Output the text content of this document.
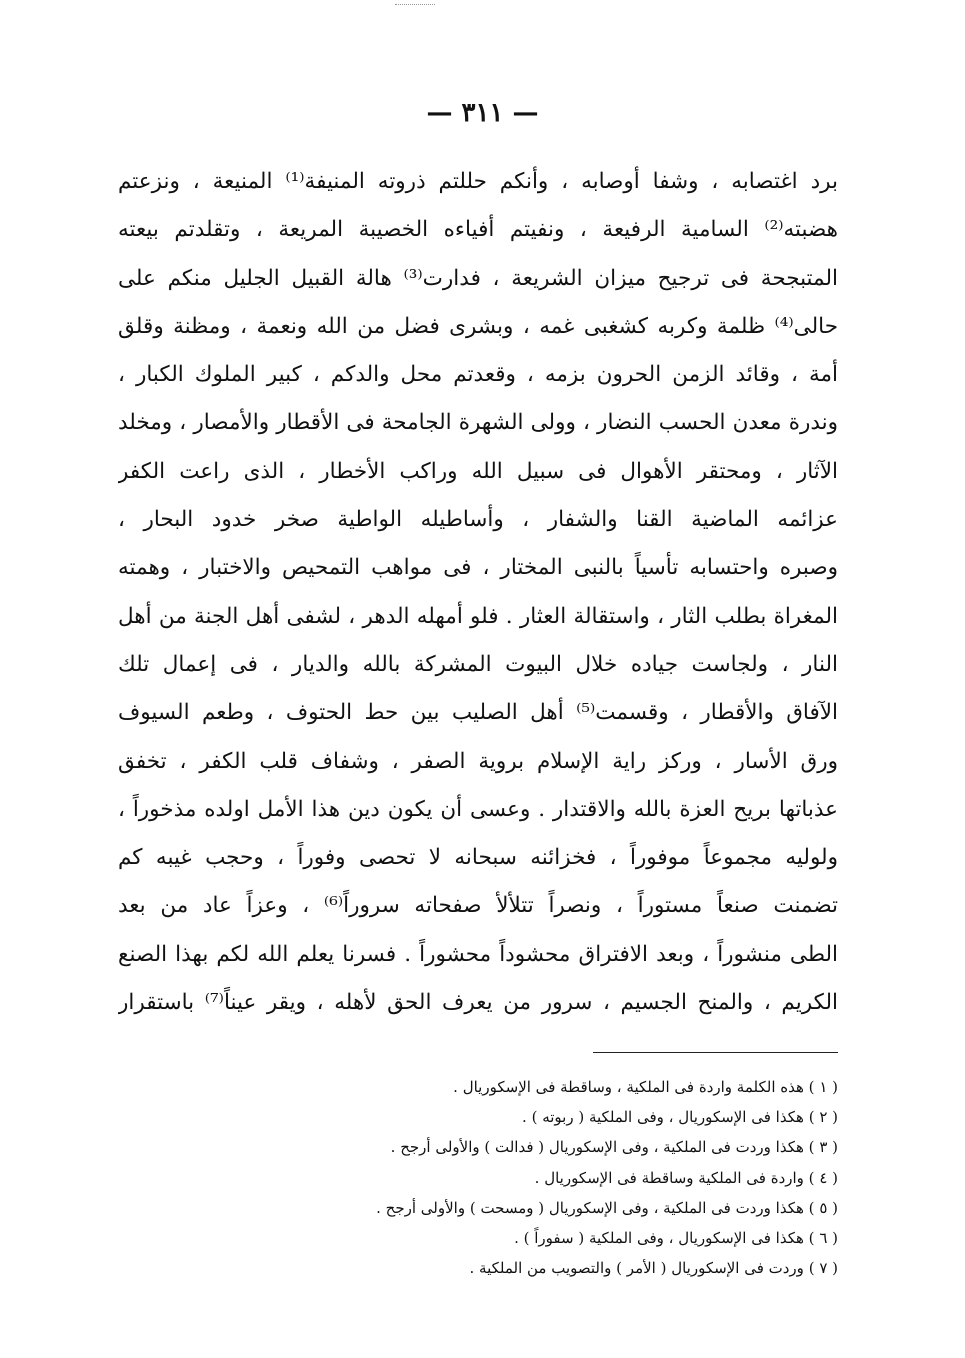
— ٣١١ —
برد اغتصابه ، وشفا أوصابه ، وأنكم حللتم ذروته المنيفة⁽¹⁾ المنيعة ، ونزعتم
هضبته⁽²⁾ السامية الرفيعة ، ونفيتم أفياءه الخصيبة المريعة ، وتقلدتم بيعته
المتبجحة فى ترجيح ميزان الشريعة ، فدارت⁽³⁾ هالة القبيل الجليل منكم على
حالى⁽⁴⁾ ظلمة وكربه كشغبى غمه ، وبشرى فضل من الله ونعمة ، ومظنة وقلق
أمة ، وقائد الزمن الحرون بزمه ، وقعدتم محل والدكم ، كبير الملوك الكبار ،
وندرة معدن الحسب النضار ، وولى الشهرة الجامحة فى الأقطار والأمصار ، ومخلد
الآثار ، ومحتقر الأهوال فى سبيل الله وراكب الأخطار ، الذى راعت الكفر
عزائمه الماضية القنا والشفار ، وأساطيله الواطية صخر خدود البحار ،
وصبره واحتسابه تأسياً بالنبى المختار ، فى مواهب التمحيص والاختبار ، وهمته
المغراة بطلب الثار ، واستقالة العثار . فلو أمهله الدهر ، لشفى أهل الجنة من أهل
النار ، ولجاست جياده خلال البيوت المشركة بالله والديار ، فى إعمال تلك
الآفاق والأقطار ، وقسمت⁽⁵⁾ أهل الصليب بين حط الحتوف ، وطعم السيوف
ورق الأسار ، وركز راية الإسلام بروية الصفر ، وشفاف قلب الكفر ، تخفق
عذباتها بريح العزة بالله والاقتدار . وعسى أن يكون دين هذا الأمل اولده مذخوراً ،
ولوليه مجموعاً موفوراً ، فخزائنه سبحانه لا تحصى وفوراً ، وحجب غيبه كم
تضمنت صنعاً مستوراً ، ونصراً تتلألأ صفحاته سروراً⁽⁶⁾ ، وعزاً عاد من بعد
الطى منشوراً ، وبعد الافتراق محشوداً محشوراً . فسرنا يعلم الله لكم بهذا الصنع
الكريم ، والمنح الجسيم ، سرور من يعرف الحق لأهله ، ويقر عيناً⁽⁷⁾ باستقرار
( ١ ) هذه الكلمة واردة فى الملكية ، وساقطة فى الإسكوريال .
( ٢ ) هكذا فى الإسكوريال ، وفى الملكية ( ربوته ) .
( ٣ ) هكذا وردت فى الملكية ، وفى الإسكوريال ( فدالت ) والأولى أرجح .
( ٤ ) واردة فى الملكية وساقطة فى الإسكوريال .
( ٥ ) هكذا وردت فى الملكية ، وفى الإسكوريال ( ومسحت ) والأولى أرجح .
( ٦ ) هكذا فى الإسكوريال ، وفى الملكية ( سفوراً ) .
( ٧ ) وردت فى الإسكوريال ( الأمر ) والتصويب من الملكية .
